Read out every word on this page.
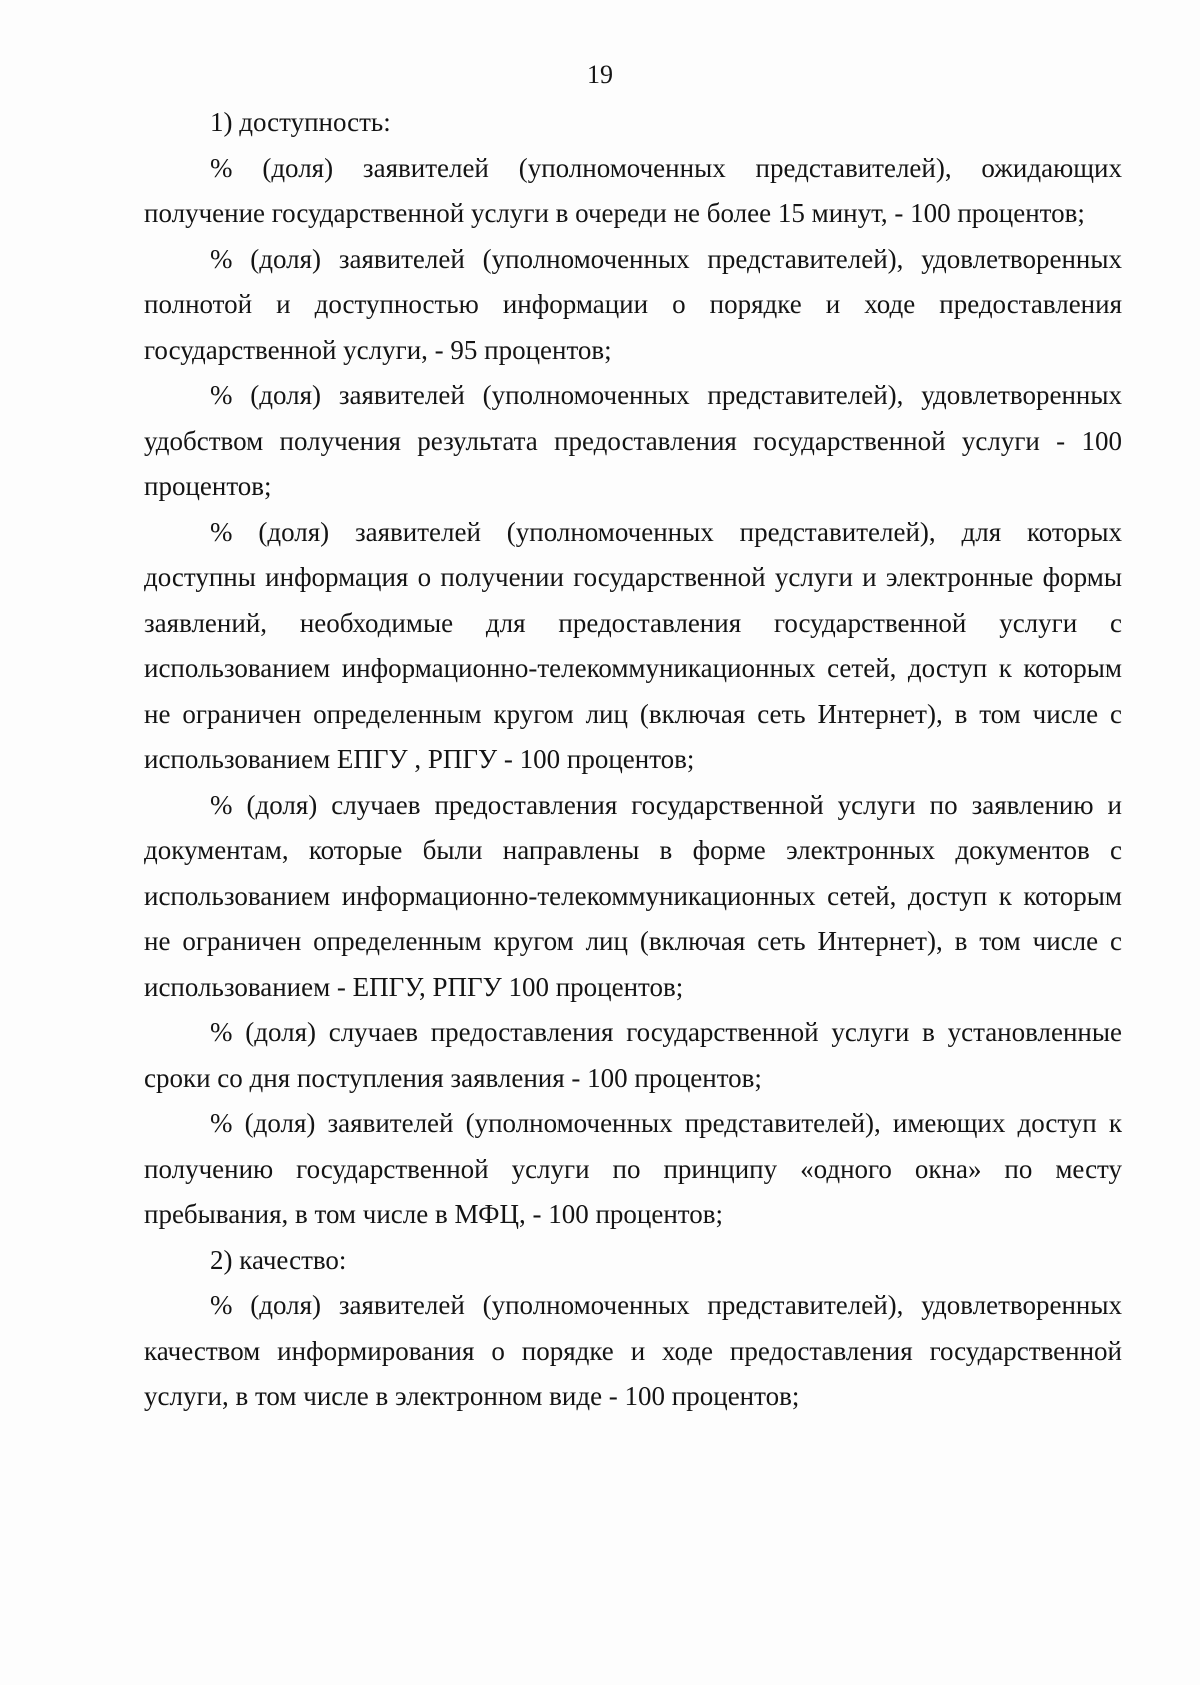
19

1) доступность:

% (доля) заявителей (уполномоченных представителей), ожидающих получение государственной услуги в очереди не более 15 минут, - 100 процентов;

% (доля) заявителей (уполномоченных представителей), удовлетворенных полнотой и доступностью информации о порядке и ходе предоставления государственной услуги, - 95 процентов;

% (доля) заявителей (уполномоченных представителей), удовлетворенных удобством получения результата предоставления государственной услуги - 100 процентов;

% (доля) заявителей (уполномоченных представителей), для которых доступны информация о получении государственной услуги и электронные формы заявлений, необходимые для предоставления государственной услуги с использованием информационно-телекоммуникационных сетей, доступ к которым не ограничен определенным кругом лиц (включая сеть Интернет), в том числе с использованием ЕПГУ , РПГУ - 100 процентов;

% (доля) случаев предоставления государственной услуги по заявлению и документам, которые были направлены в форме электронных документов с использованием информационно-телекоммуникационных сетей, доступ к которым не ограничен определенным кругом лиц (включая сеть Интернет), в том числе с использованием - ЕПГУ, РПГУ 100 процентов;

% (доля) случаев предоставления государственной услуги в установленные сроки со дня поступления заявления - 100 процентов;

% (доля) заявителей (уполномоченных представителей), имеющих доступ к получению государственной услуги по принципу «одного окна» по месту пребывания, в том числе в МФЦ, - 100 процентов;

2) качество:

% (доля) заявителей (уполномоченных представителей), удовлетворенных качеством информирования о порядке и ходе предоставления государственной услуги, в том числе в электронном виде - 100 процентов;
